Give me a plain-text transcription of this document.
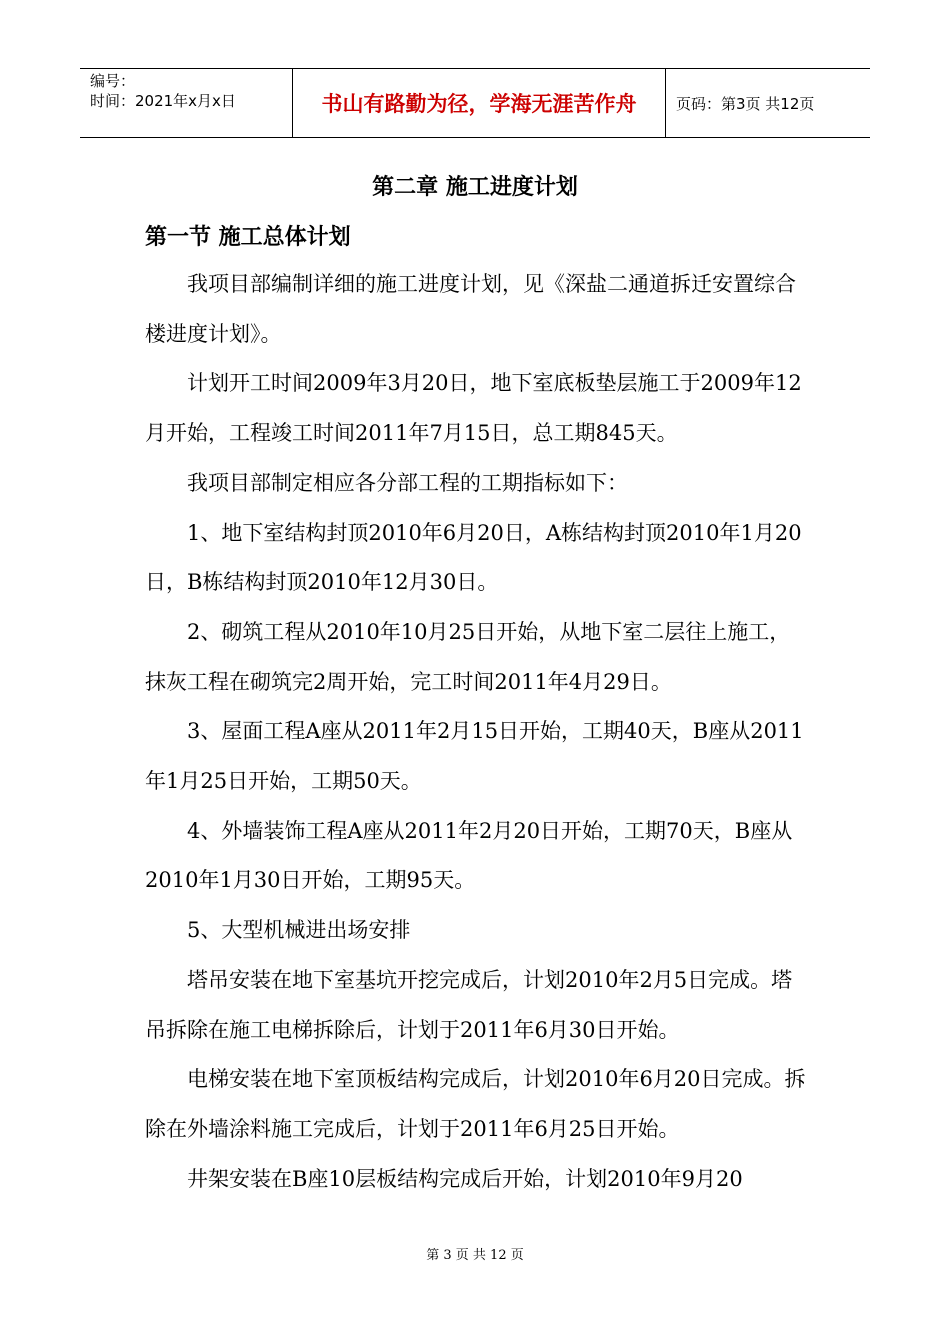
编号：
时间：2021年x月x日	书山有路勤为径，学海无涯苦作舟	页码：第3页 共12页
第二章 施工进度计划
第一节 施工总体计划

我项目部编制详细的施工进度计划，见《深盐二通道拆迁安置综合楼进度计划》。

计划开工时间2009年3月20日，地下室底板垫层施工于2009年12月开始，工程竣工时间2011年7月15日，总工期845天。

我项目部制定相应各分部工程的工期指标如下：

1、地下室结构封顶2010年6月20日，A栋结构封顶2010年1月20日，B栋结构封顶2010年12月30日。

2、砌筑工程从2010年10月25日开始，从地下室二层往上施工，抹灰工程在砌筑完2周开始，完工时间2011年4月29日。

3、屋面工程A座从2011年2月15日开始，工期40天，B座从2011年1月25日开始，工期50天。

4、外墙装饰工程A座从2011年2月20日开始，工期70天，B座从2010年1月30日开始，工期95天。

5、大型机械进出场安排

塔吊安装在地下室基坑开挖完成后，计划2010年2月5日完成。塔吊拆除在施工电梯拆除后，计划于2011年6月30日开始。

电梯安装在地下室顶板结构完成后，计划2010年6月20日完成。拆除在外墙涂料施工完成后，计划于2011年6月25日开始。

井架安装在B座10层板结构完成后开始，计划2010年9月20

第 3 页 共 12 页
